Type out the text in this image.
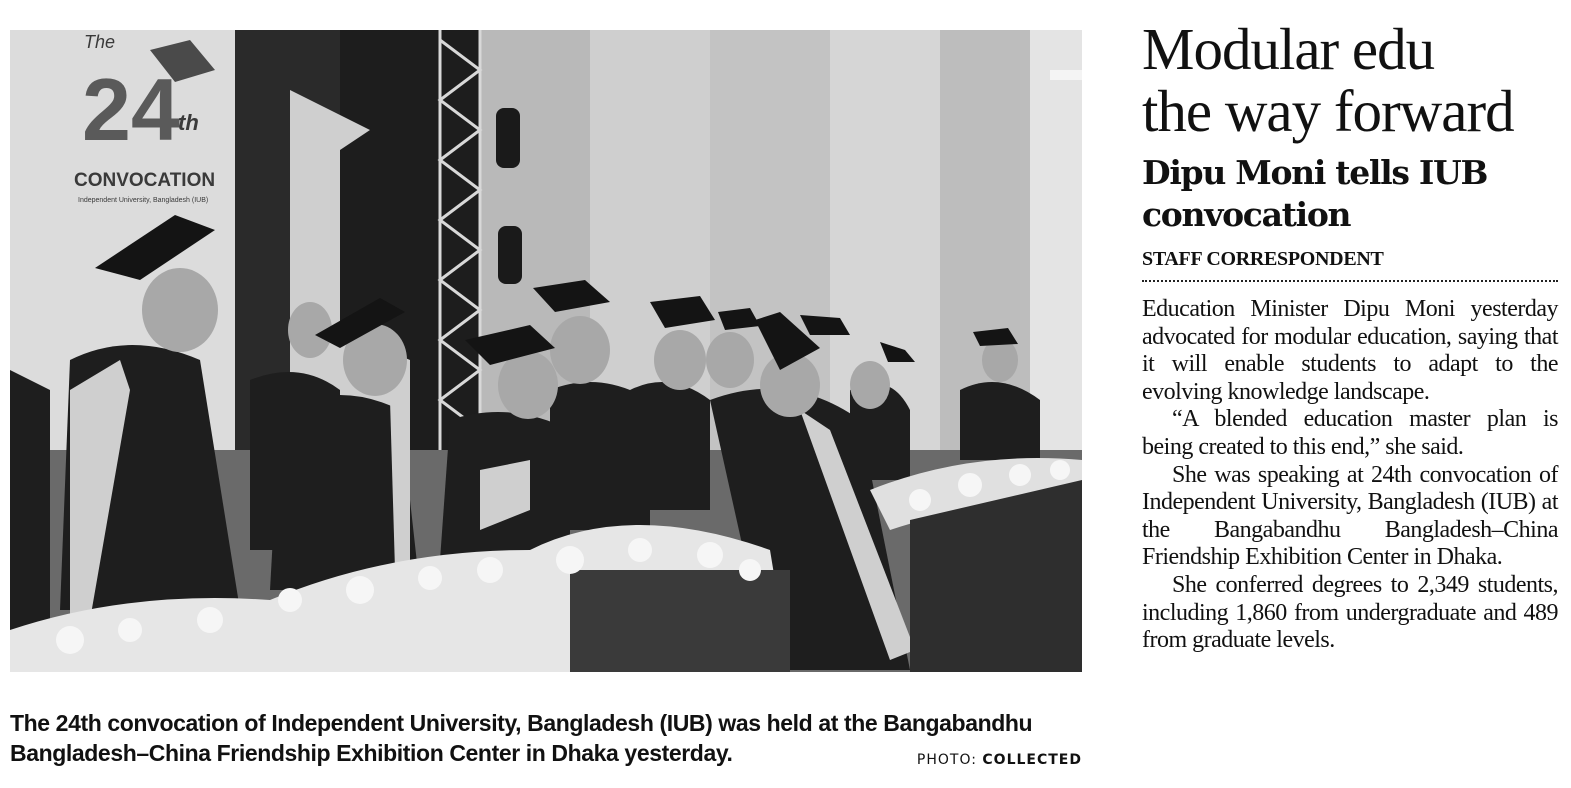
The
24
th
CONVOCATION
Independent University, Bangladesh (IUB)
The 24th convocation of Independent University, Bangladesh (IUB) was held at the Bangabandhu
Bangladesh–China Friendship Exhibition Center in Dhaka yesterday.	PHOTO: COLLECTED
Modular edu
the way forward
Dipu Moni tells IUB convocation
STAFF CORRESPONDENT

Education Minister Dipu Moni yesterday advocated for modular education, saying that it will enable students to adapt to the evolving knowledge landscape.

“A blended education master plan is being created to this end,” she said.

She was speaking at 24th convocation of Independent University, Bangladesh (IUB) at the Bangabandhu Bangladesh–China Friendship Exhibition Center in Dhaka.

She conferred degrees to 2,349 students, including 1,860 from undergraduate and 489 from graduate levels.
